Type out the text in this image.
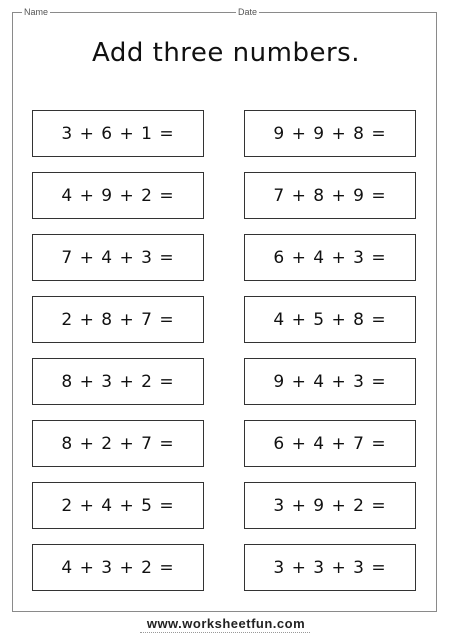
Name	Date
Add three numbers.
3 + 6 + 1 =	9 + 9 + 8 =
4 + 9 + 2 =	7 + 8 + 9 =
7 + 4 + 3 =	6 + 4 + 3 =
2 + 8 + 7 =	4 + 5 + 8 =
8 + 3 + 2 =	9 + 4 + 3 =
8 + 2 + 7 =	6 + 4 + 7 =
2 + 4 + 5 =	3 + 9 + 2 =
4 + 3 + 2 =	3 + 3 + 3 =
www.worksheetfun.com
